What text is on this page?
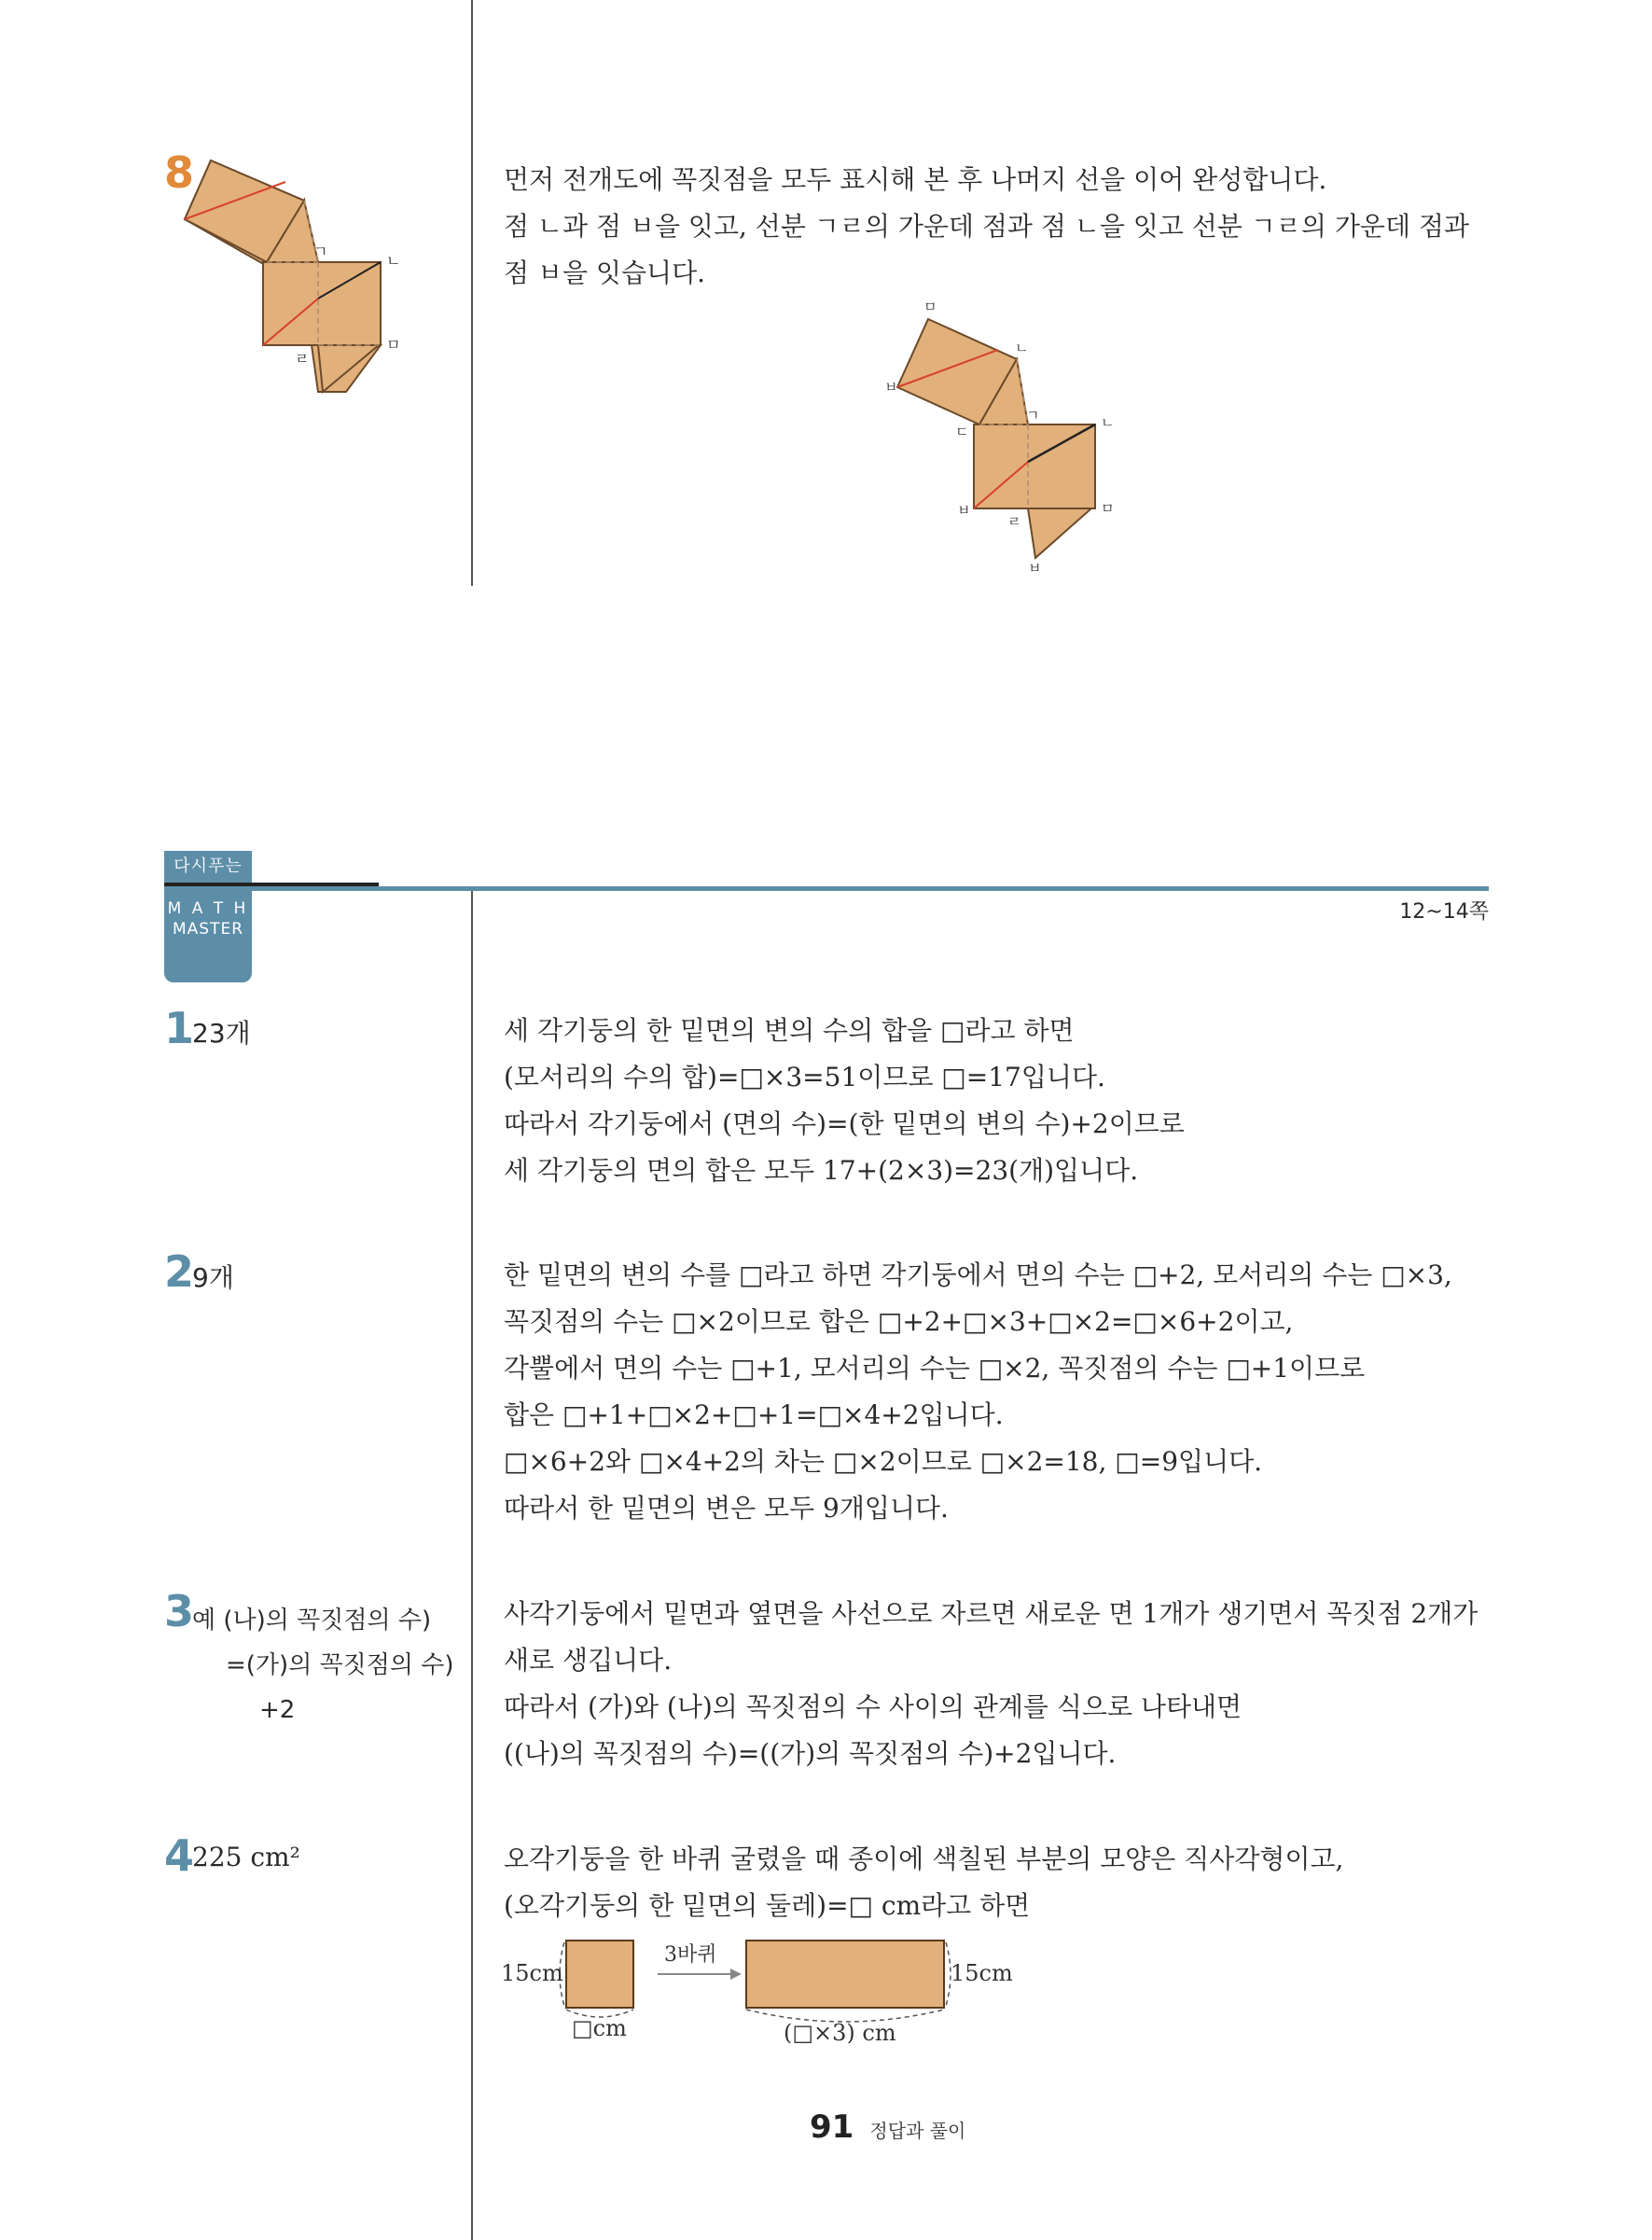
8
ㄱ
ㄴ
ㄹ
ㅁ
먼저 전개도에 꼭짓점을 모두 표시해 본 후 나머지 선을 이어 완성합니다.
점 ㄴ과 점 ㅂ을 잇고, 선분 ㄱㄹ의 가운데 점과 점 ㄴ을 잇고 선분 ㄱㄹ의 가운데 점과
점 ㅂ을 잇습니다.
ㅁ
ㄴ
ㅂ
ㄱ
ㄷ
ㄴ
ㅂ
ㄹ
ㅁ
ㅂ
다시푸는
M A T H
MASTER
12~14쪽
1
23개	세 각기둥의 한 밑면의 변의 수의 합을 □라고 하면
(모서리의 수의 합)=□×3=51이므로 □=17입니다.
따라서 각기둥에서 (면의 수)=(한 밑면의 변의 수)+2이므로
세 각기둥의 면의 합은 모두 17+(2×3)=23(개)입니다.
2
9개	한 밑면의 변의 수를 □라고 하면 각기둥에서 면의 수는 □+2, 모서리의 수는 □×3,
꼭짓점의 수는 □×2이므로 합은 □+2+□×3+□×2=□×6+2이고,
각뿔에서 면의 수는 □+1, 모서리의 수는 □×2, 꼭짓점의 수는 □+1이므로
합은 □+1+□×2+□+1=□×4+2입니다.
□×6+2와 □×4+2의 차는 □×2이므로 □×2=18, □=9입니다.
따라서 한 밑면의 변은 모두 9개입니다.
3
예 (나)의 꼭짓점의 수)
=(가)의 꼭짓점의 수)
+2
사각기둥에서 밑면과 옆면을 사선으로 자르면 새로운 면 1개가 생기면서 꼭짓점 2개가
새로 생깁니다.
따라서 (가)와 (나)의 꼭짓점의 수 사이의 관계를 식으로 나타내면
((나)의 꼭짓점의 수)=((가)의 꼭짓점의 수)+2입니다.
4
225 cm²	오각기둥을 한 바퀴 굴렸을 때 종이에 색칠된 부분의 모양은 직사각형이고,
(오각기둥의 한 밑면의 둘레)=□ cm라고 하면
15cm
□cm
3바퀴
15cm
(□×3) cm
91 정답과 풀이
